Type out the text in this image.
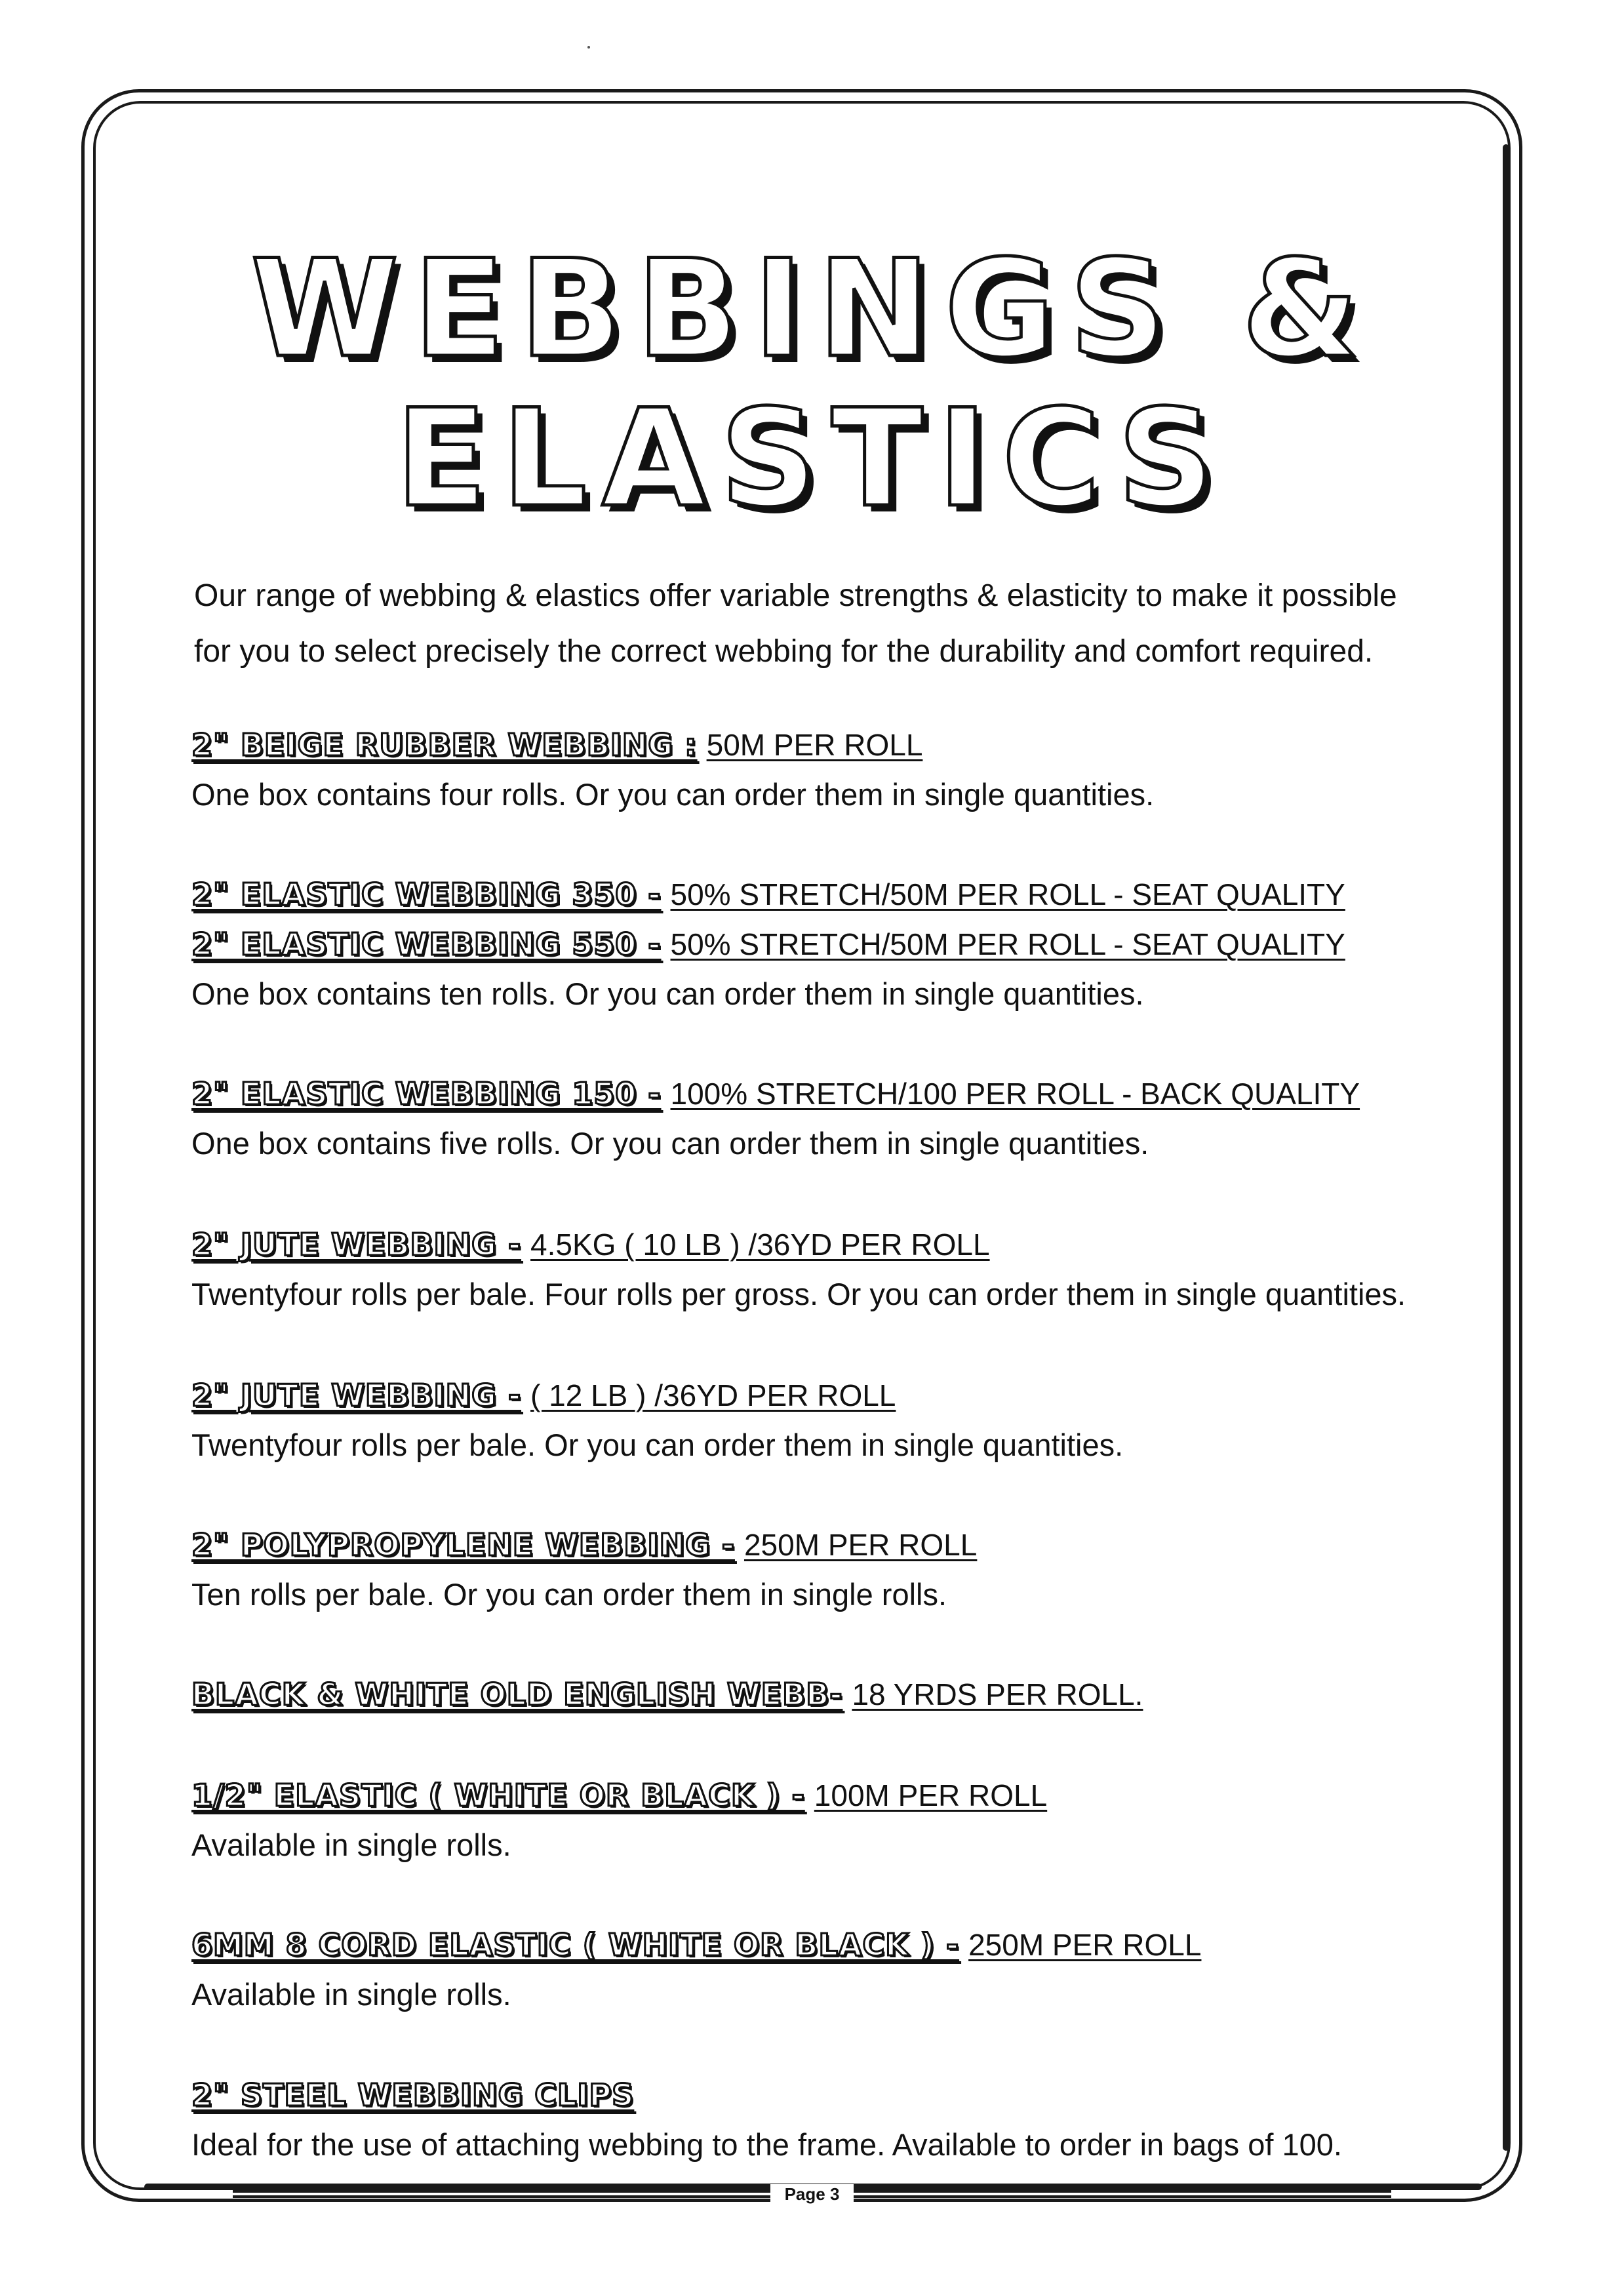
WEBBINGS &
ELASTICS
Our range of webbing & elastics offer variable strengths & elasticity to make it possible
for you to select precisely the correct webbing for the durability and comfort required.
2" BEIGE RUBBER WEBBING : 50M PER ROLL
One box contains four rolls. Or you can order them in single quantities.
2" ELASTIC WEBBING 350 - 50% STRETCH/50M PER ROLL - SEAT QUALITY
2" ELASTIC WEBBING 550 - 50% STRETCH/50M PER ROLL - SEAT QUALITY
One box contains ten rolls. Or you can order them in single quantities.
2" ELASTIC WEBBING 150 - 100% STRETCH/100 PER ROLL - BACK QUALITY
One box contains five rolls. Or you can order them in single quantities.
2" JUTE WEBBING - 4.5KG ( 10 LB ) /36YD PER ROLL
Twentyfour rolls per bale. Four rolls per gross. Or you can order them in single quantities.
2" JUTE WEBBING - ( 12 LB ) /36YD PER ROLL
Twentyfour rolls per bale. Or you can order them in single quantities.
2" POLYPROPYLENE WEBBING - 250M PER ROLL
Ten rolls per bale. Or you can order them in single rolls.
BLACK & WHITE OLD ENGLISH WEBB- 18 YRDS PER ROLL.
1/2" ELASTIC ( WHITE OR BLACK ) - 100M PER ROLL
Available in single rolls.
6MM 8 CORD ELASTIC ( WHITE OR BLACK ) - 250M PER ROLL
Available in single rolls.
2" STEEL WEBBING CLIPS
Ideal for the use of attaching webbing to the frame. Available to order in bags of 100.
Page 3
